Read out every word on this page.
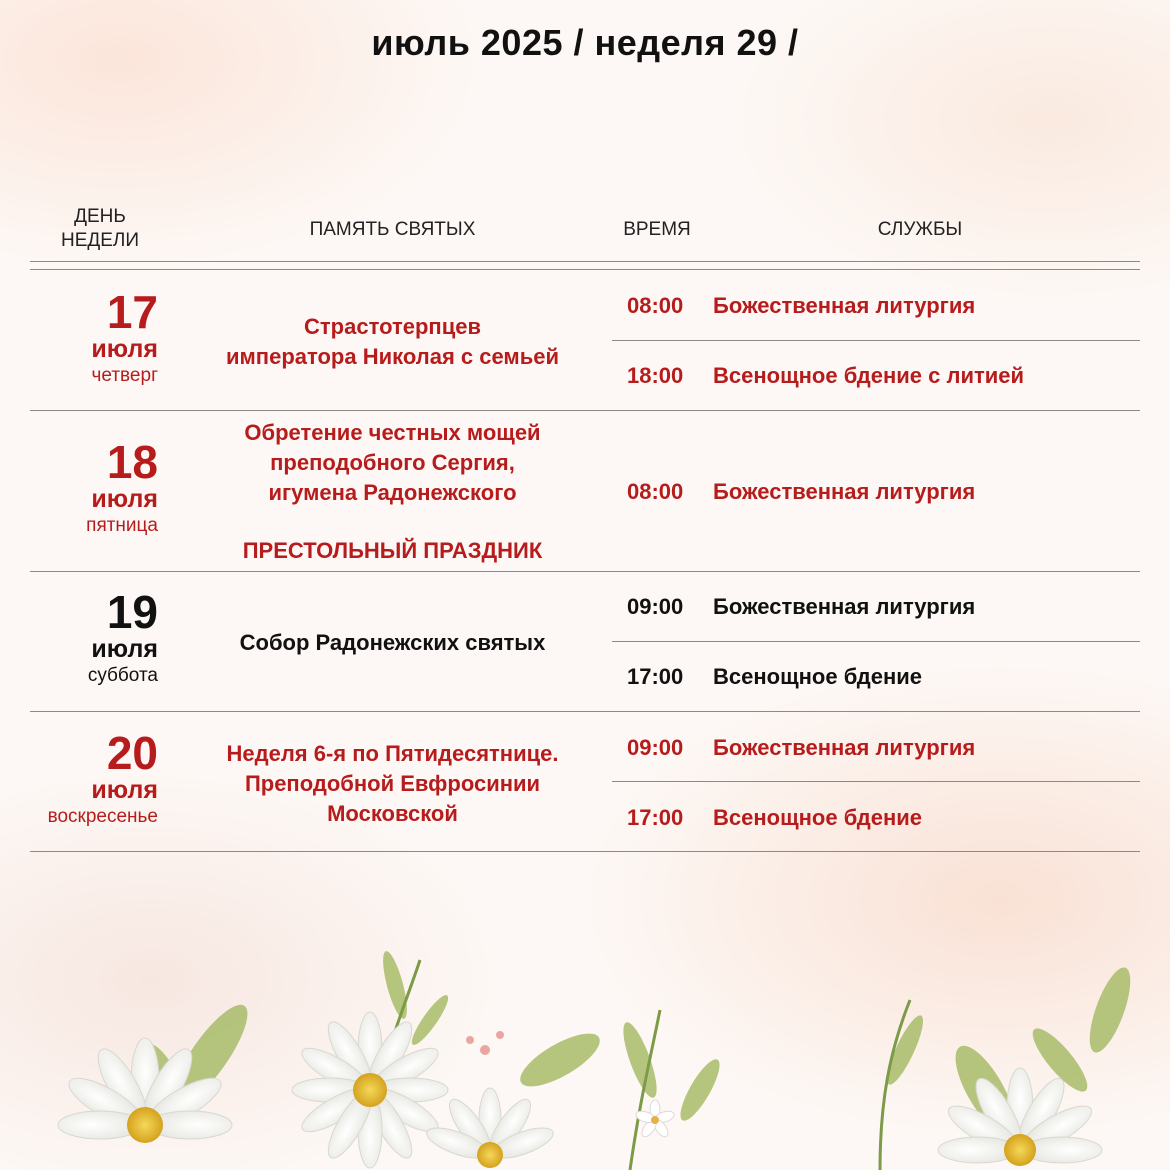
июль 2025 / неделя 29 /
ДЕНЬ
НЕДЕЛИ
ПАМЯТЬ СВЯТЫХ	ВРЕМЯ	СЛУЖБЫ
17
июля
четверг
Страстотерпцев
императора Николая с семьей
08:00 Божественная литургия
18:00 Всенощное бдение с литией
18
июля
пятница
Обретение честных мощей
преподобного Сергия,
игумена Радонежского
ПРЕСТОЛЬНЫЙ ПРАЗДНИК
08:00 Божественная литургия
19
июля
суббота
Собор Радонежских святых
09:00 Божественная литургия
17:00 Всенощное бдение
20
июля
воскресенье
Неделя 6-я по Пятидесятнице.
Преподобной Евфросинии
Московской
09:00 Божественная литургия
17:00 Всенощное бдение
